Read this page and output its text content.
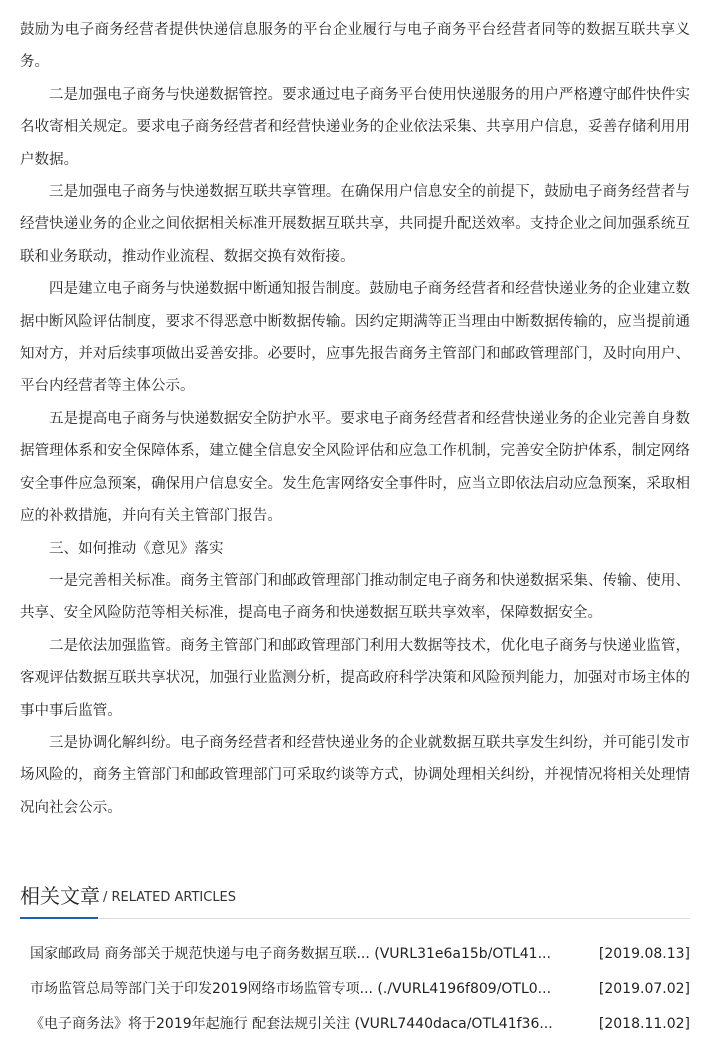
鼓励为电子商务经营者提供快递信息服务的平台企业履行与电子商务平台经营者同等的数据互联共享义务。

二是加强电子商务与快递数据管控。要求通过电子商务平台使用快递服务的用户严格遵守邮件快件实名收寄相关规定。要求电子商务经营者和经营快递业务的企业依法采集、共享用户信息，妥善存储利用用户数据。

三是加强电子商务与快递数据互联共享管理。在确保用户信息安全的前提下，鼓励电子商务经营者与经营快递业务的企业之间依据相关标准开展数据互联共享，共同提升配送效率。支持企业之间加强系统互联和业务联动，推动作业流程、数据交换有效衔接。

四是建立电子商务与快递数据中断通知报告制度。鼓励电子商务经营者和经营快递业务的企业建立数据中断风险评估制度，要求不得恶意中断数据传输。因约定期满等正当理由中断数据传输的，应当提前通知对方，并对后续事项做出妥善安排。必要时，应事先报告商务主管部门和邮政管理部门，及时向用户、平台内经营者等主体公示。

五是提高电子商务与快递数据安全防护水平。要求电子商务经营者和经营快递业务的企业完善自身数据管理体系和安全保障体系，建立健全信息安全风险评估和应急工作机制，完善安全防护体系，制定网络安全事件应急预案，确保用户信息安全。发生危害网络安全事件时，应当立即依法启动应急预案，采取相应的补救措施，并向有关主管部门报告。

三、如何推动《意见》落实

一是完善相关标准。商务主管部门和邮政管理部门推动制定电子商务和快递数据采集、传输、使用、共享、安全风险防范等相关标准，提高电子商务和快递数据互联共享效率，保障数据安全。

二是依法加强监管。商务主管部门和邮政管理部门利用大数据等技术，优化电子商务与快递业监管，客观评估数据互联共享状况，加强行业监测分析，提高政府科学决策和风险预判能力，加强对市场主体的事中事后监管。

三是协调化解纠纷。电子商务经营者和经营快递业务的企业就数据互联共享发生纠纷，并可能引发市场风险的，商务主管部门和邮政管理部门可采取约谈等方式，协调处理相关纠纷，并视情况将相关处理情况向社会公示。

相关文章 / RELATED ARTICLES
国家邮政局 商务部关于规范快递与电子商务数据互联... (VURL31e6a15b/OTL41...	[2019.08.13]
市场监管总局等部门关于印发2019网络市场监管专项... (./VURL4196f809/OTL0...	[2019.07.02]
《电子商务法》将于2019年起施行 配套法规引关注 (VURL7440daca/OTL41f36...	[2018.11.02]
